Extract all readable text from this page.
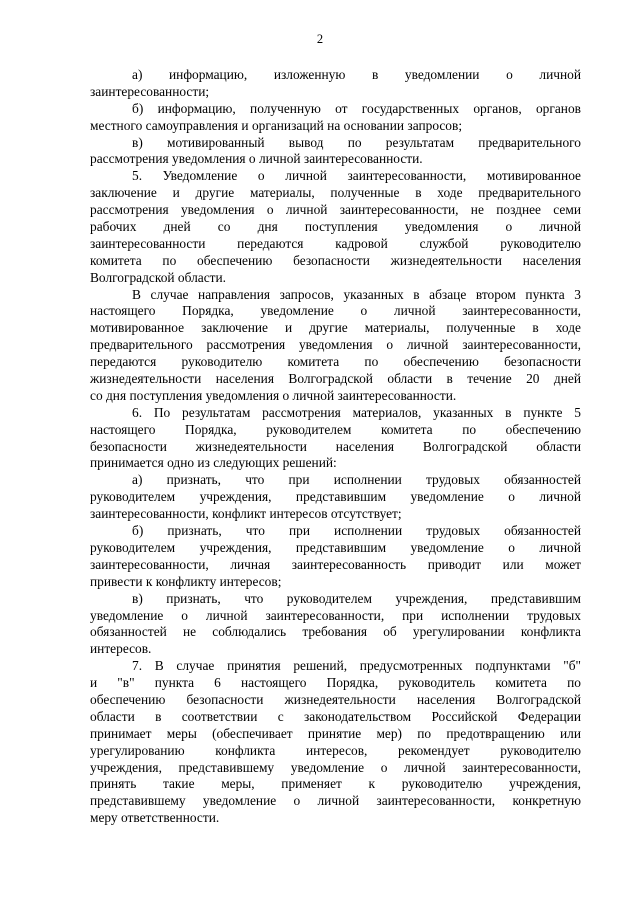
2
а) информацию, изложенную в уведомлении о личной
заинтересованности;
б) информацию, полученную от государственных органов, органов
местного самоуправления и организаций на основании запросов;
в) мотивированный вывод по результатам предварительного
рассмотрения уведомления о личной заинтересованности.
5. Уведомление о личной заинтересованности, мотивированное
заключение и другие материалы, полученные в ходе предварительного
рассмотрения уведомления о личной заинтересованности, не позднее семи
рабочих дней со дня поступления уведомления о личной
заинтересованности передаются кадровой службой руководителю
комитета по обеспечению безопасности жизнедеятельности населения
Волгоградской области.
В случае направления запросов, указанных в абзаце втором пункта 3
настоящего Порядка, уведомление о личной заинтересованности,
мотивированное заключение и другие материалы, полученные в ходе
предварительного рассмотрения уведомления о личной заинтересованности,
передаются руководителю комитета по обеспечению безопасности
жизнедеятельности населения Волгоградской области в течение 20 дней
со дня поступления уведомления о личной заинтересованности.
6. По результатам рассмотрения материалов, указанных в пункте 5
настоящего Порядка, руководителем комитета по обеспечению
безопасности жизнедеятельности населения Волгоградской области
принимается одно из следующих решений:
а) признать, что при исполнении трудовых обязанностей
руководителем учреждения, представившим уведомление о личной
заинтересованности, конфликт интересов отсутствует;
б) признать, что при исполнении трудовых обязанностей
руководителем учреждения, представившим уведомление о личной
заинтересованности, личная заинтересованность приводит или может
привести к конфликту интересов;
в) признать, что руководителем учреждения, представившим
уведомление о личной заинтересованности, при исполнении трудовых
обязанностей не соблюдались требования об урегулировании конфликта
интересов.
7. В случае принятия решений, предусмотренных подпунктами "б"
и "в" пункта 6 настоящего Порядка, руководитель комитета по
обеспечению безопасности жизнедеятельности населения Волгоградской
области в соответствии с законодательством Российской Федерации
принимает меры (обеспечивает принятие мер) по предотвращению или
урегулированию конфликта интересов, рекомендует руководителю
учреждения, представившему уведомление о личной заинтересованности,
принять такие меры, применяет к руководителю учреждения,
представившему уведомление о личной заинтересованности, конкретную
меру ответственности.
